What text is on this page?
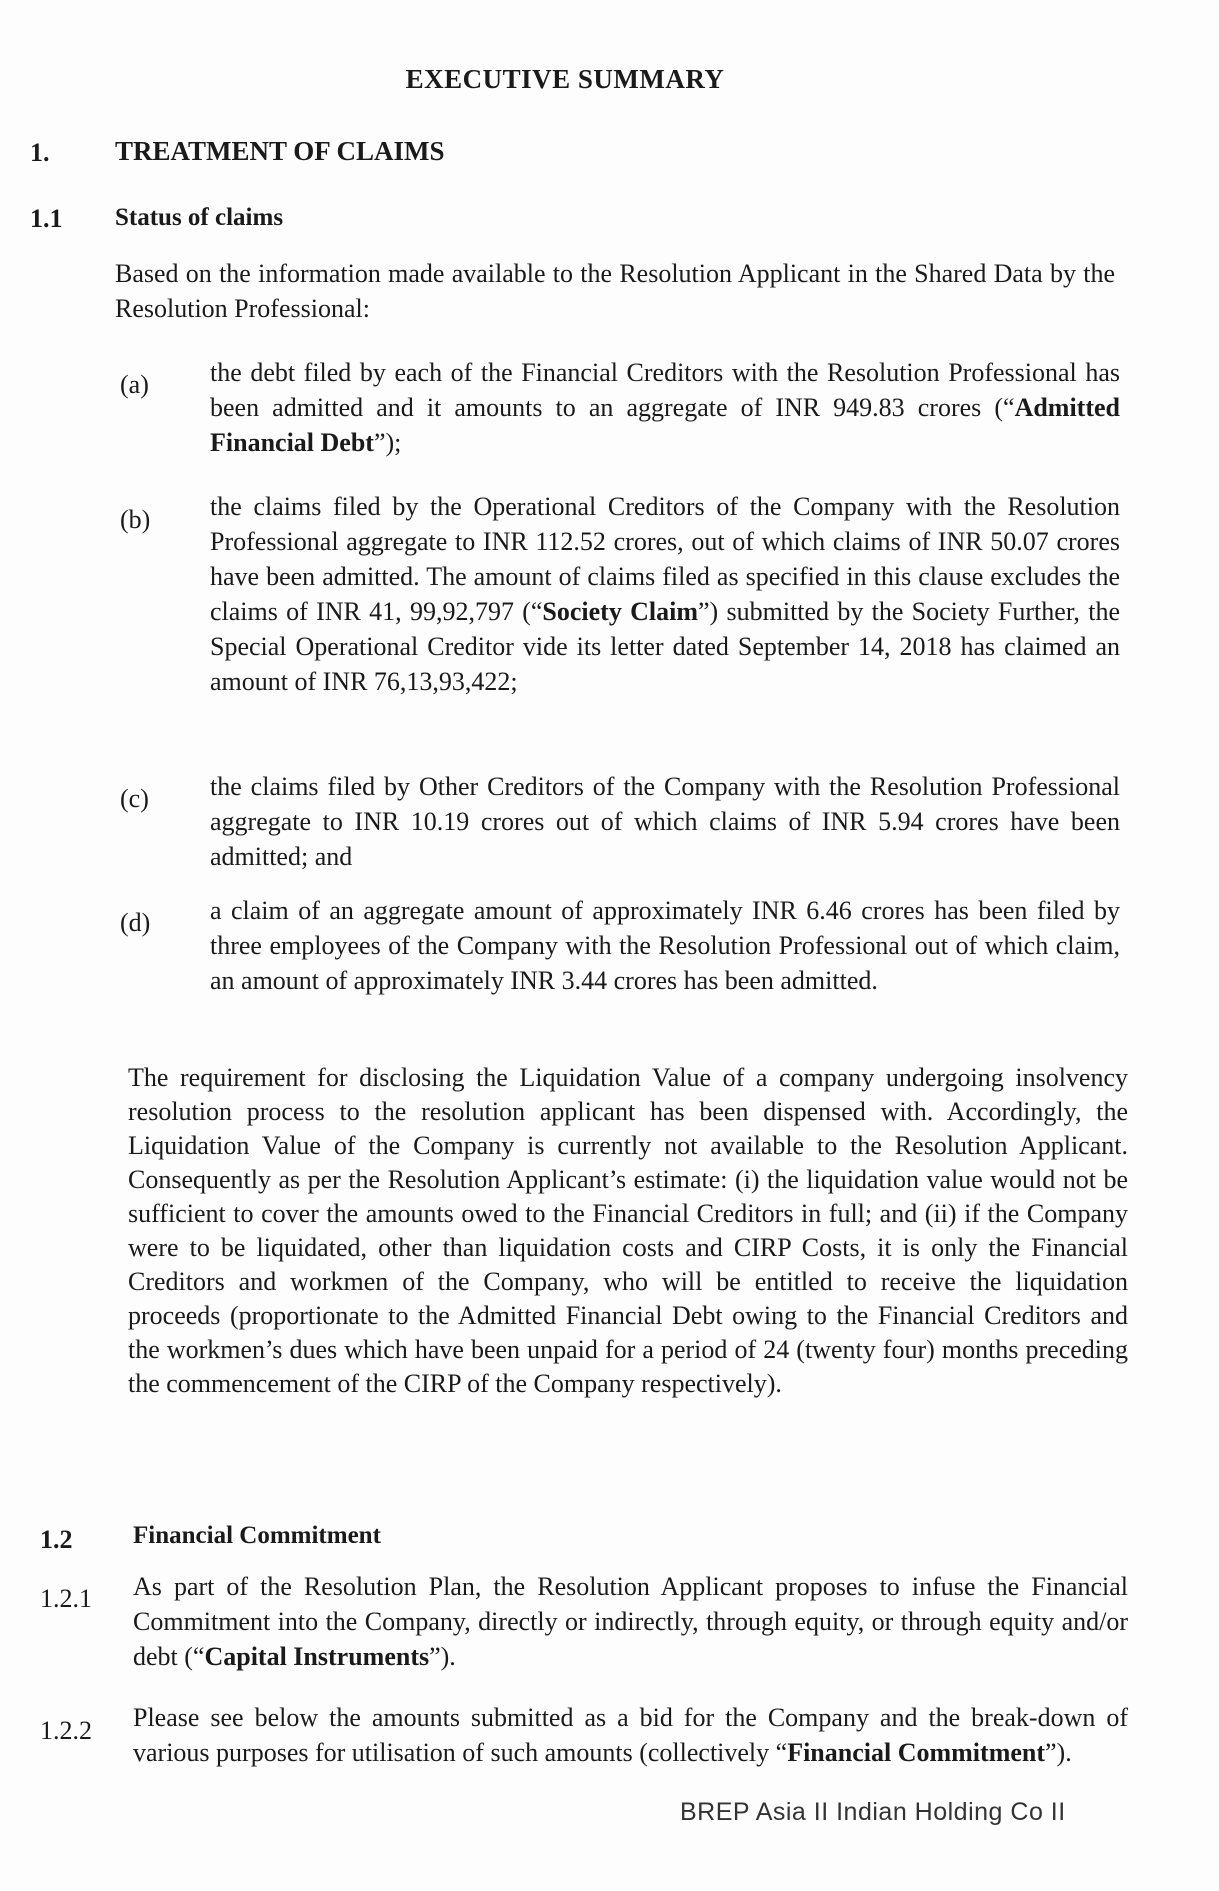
EXECUTIVE SUMMARY
1. TREATMENT OF CLAIMS
1.1 Status of claims
Based on the information made available to the Resolution Applicant in the Shared Data by the Resolution Professional:
(a) the debt filed by each of the Financial Creditors with the Resolution Professional has been admitted and it amounts to an aggregate of INR 949.83 crores (“Admitted Financial Debt”);
(b) the claims filed by the Operational Creditors of the Company with the Resolution Professional aggregate to INR 112.52 crores, out of which claims of INR 50.07 crores have been admitted. The amount of claims filed as specified in this clause excludes the claims of INR 41, 99,92,797 (“Society Claim”) submitted by the Society Further, the Special Operational Creditor vide its letter dated September 14, 2018 has claimed an amount of INR 76,13,93,422;
(c) the claims filed by Other Creditors of the Company with the Resolution Professional aggregate to INR 10.19 crores out of which claims of INR 5.94 crores have been admitted; and
(d) a claim of an aggregate amount of approximately INR 6.46 crores has been filed by three employees of the Company with the Resolution Professional out of which claim, an amount of approximately INR 3.44 crores has been admitted.
The requirement for disclosing the Liquidation Value of a company undergoing insolvency resolution process to the resolution applicant has been dispensed with. Accordingly, the Liquidation Value of the Company is currently not available to the Resolution Applicant. Consequently as per the Resolution Applicant’s estimate: (i) the liquidation value would not be sufficient to cover the amounts owed to the Financial Creditors in full; and (ii) if the Company were to be liquidated, other than liquidation costs and CIRP Costs, it is only the Financial Creditors and workmen of the Company, who will be entitled to receive the liquidation proceeds (proportionate to the Admitted Financial Debt owing to the Financial Creditors and the workmen’s dues which have been unpaid for a period of 24 (twenty four) months preceding the commencement of the CIRP of the Company respectively).
1.2 Financial Commitment
1.2.1 As part of the Resolution Plan, the Resolution Applicant proposes to infuse the Financial Commitment into the Company, directly or indirectly, through equity, or through equity and/or debt (“Capital Instruments”).
1.2.2 Please see below the amounts submitted as a bid for the Company and the break-down of various purposes for utilisation of such amounts (collectively “Financial Commitment”).
BREP Asia II Indian Holding Co II
